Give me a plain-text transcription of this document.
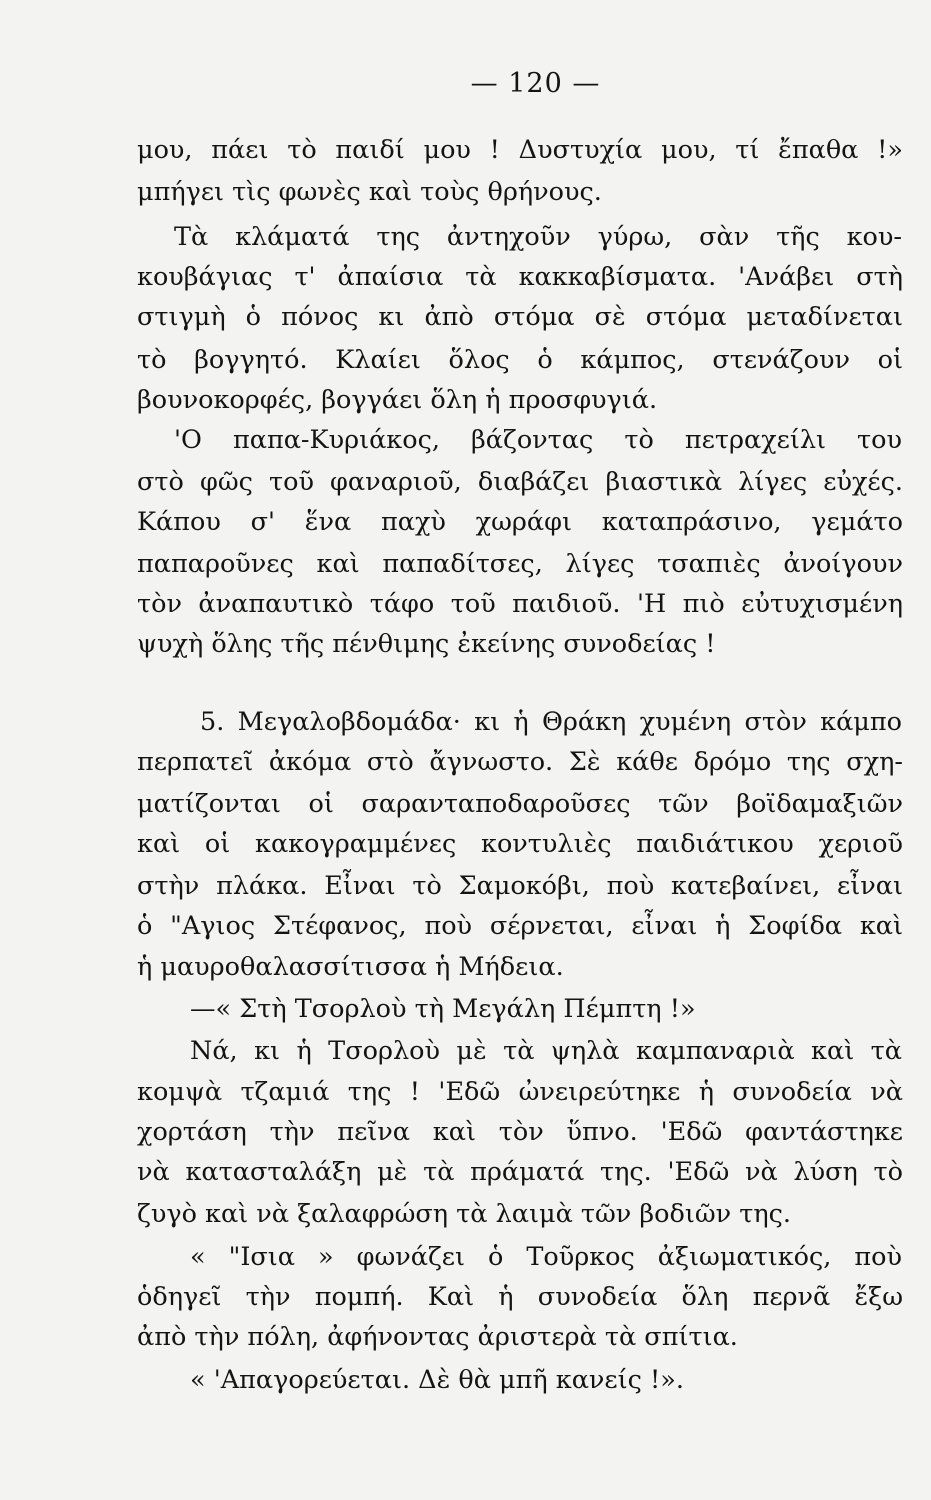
— 120 —
μου, πάει τὸ παιδί μου ! Δυστυχία μου, τί ἔπαθα !»
μπήγει τὶς φωνὲς καὶ τοὺς θρήνους.
Τὰ κλάματά της ἀντηχοῦν γύρω, σὰν τῆς κου-
κουβάγιας τ' ἀπαίσια τὰ κακκαβίσματα. 'Ανάβει στὴ
στιγμὴ ὁ πόνος κι ἀπὸ στόμα σὲ στόμα μεταδίνεται
τὸ βογγητό. Κλαίει ὅλος ὁ κάμπος, στενάζουν οἱ
βουνοκορφές, βογγάει ὅλη ἡ προσφυγιά.
'Ο παπα-Κυριάκος, βάζοντας τὸ πετραχείλι του
στὸ φῶς τοῦ φαναριοῦ, διαβάζει βιαστικὰ λίγες εὐχές.
Κάπου σ' ἕνα παχὺ χωράφι καταπράσινο, γεμάτο
παπαροῦνες καὶ παπαδίτσες, λίγες τσαπιὲς ἀνοίγουν
τὸν ἀναπαυτικὸ τάφο τοῦ παιδιοῦ. 'Η πιὸ εὐτυχισμένη
ψυχὴ ὅλης τῆς πένθιμης ἐκείνης συνοδείας !
5. Μεγαλοβδομάδα· κι ἡ Θράκη χυμένη στὸν κάμπο
περπατεῖ ἀκόμα στὸ ἄγνωστο. Σὲ κάθε δρόμο της σχη-
ματίζονται οἱ σαρανταποδαροῦσες τῶν βοϊδαμαξιῶν
καὶ οἱ κακογραμμένες κοντυλιὲς παιδιάτικου χεριοῦ
στὴν πλάκα. Εἶναι τὸ Σαμοκόβι, ποὺ κατεβαίνει, εἶναι
ὁ "Αγιος Στέφανος, ποὺ σέρνεται, εἶναι ἡ Σοφίδα καὶ
ἡ μαυροθαλασσίτισσα ἡ Μήδεια.
—« Στὴ Τσορλοὺ τὴ Μεγάλη Πέμπτη !»
Νά, κι ἡ Τσορλοὺ μὲ τὰ ψηλὰ καμπαναριὰ καὶ τὰ
κομψὰ τζαμιά της ! 'Εδῶ ὠνειρεύτηκε ἡ συνοδεία νὰ
χορτάση τὴν πεῖνα καὶ τὸν ὕπνο. 'Εδῶ φαντάστηκε
νὰ κατασταλάξη μὲ τὰ πράματά της. 'Εδῶ νὰ λύση τὸ
ζυγὸ καὶ νὰ ξαλαφρώση τὰ λαιμὰ τῶν βοδιῶν της.
« "Ισια » φωνάζει ὁ Τοῦρκος ἀξιωματικός, ποὺ
ὁδηγεῖ τὴν πομπή. Καὶ ἡ συνοδεία ὅλη περνᾶ ἔξω
ἀπὸ τὴν πόλη, ἀφήνοντας ἀριστερὰ τὰ σπίτια.
« 'Απαγορεύεται. Δὲ θὰ μπῆ κανείς !».
